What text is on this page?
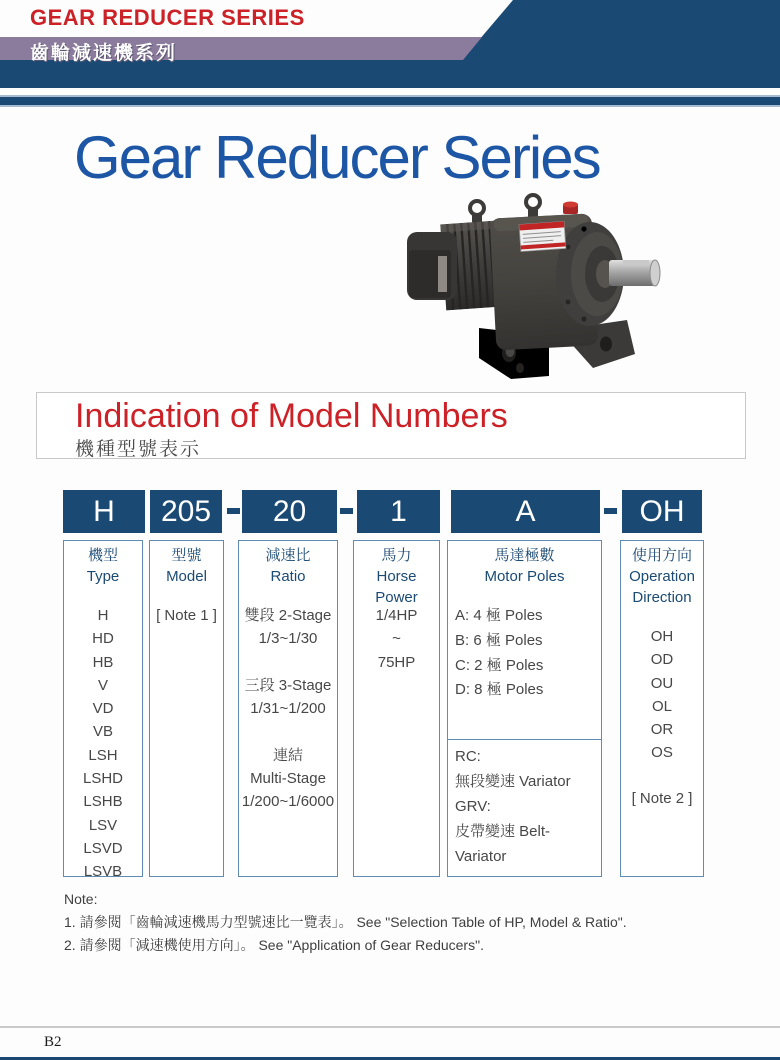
GEAR REDUCER SERIES
齒輪減速機系列
Gear Reducer Series
Indication of Model Numbers
機種型號表示
H	205	20	1	A	OH
機型
Type
H
HD
HB
V
VD
VB
LSH
LSHD
LSHB
LSV
LSVD
LSVB
型號
Model
[ Note 1 ]
減速比
Ratio
雙段 2-Stage
1/3~1/30
三段 3-Stage
1/31~1/200
連結
Multi-Stage
1/200~1/6000
馬力
Horse Power
1/4HP
~
75HP
馬達極數
Motor Poles
A: 4 極 Poles
B: 6 極 Poles
C: 2 極 Poles
D: 8 極 Poles
RC:
無段變速 Variator
GRV:
皮帶變速 Belt-Variator
使用方向
Operation
Direction
OH
OD
OU
OL
OR
OS
[ Note 2 ]
Note:
1. 請參閱「齒輪減速機馬力型號速比一覽表」。 See "Selection Table of HP, Model & Ratio".
2. 請參閱「減速機使用方向」。 See "Application of Gear Reducers".
B2
